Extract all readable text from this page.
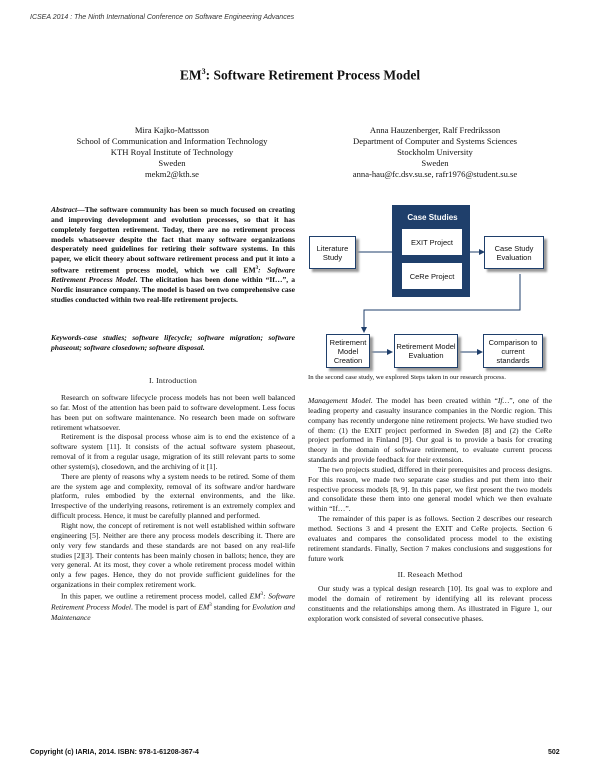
ICSEA 2014 : The Ninth International Conference on Software Engineering Advances
$EM^3$: Software Retirement Process Model
Mira Kajko-Mattsson
School of Communication and Information Technology
KTH Royal Institute of Technology
Sweden
mekm2@kth.se
Anna Hauzenberger, Ralf Fredriksson
Department of Computer and Systems Sciences
Stockholm University
Sweden
anna-hau@fc.dsv.su.se, rafr1976@student.su.se
Abstract—The software community has been so much focused on creating and improving development and evolution processes, so that it has completely forgotten retirement. Today, there are no retirement process models whatsoever despite the fact that many software organizations desperately need guidelines for retiring their software systems. In this paper, we elicit theory about software retirement process and put it into a software retirement process model, which we call $EM^3$: Software Retirement Process Model. The elicitation has been done within “If…”, a Nordic insurance company. The model is based on two comprehensive case studies conducted within two real-life retirement projects.
Keywords-case studies; software lifecycle; software migration; software phaseout; software closedown; software disposal.
I. Introduction

Research on software lifecycle process models has not been well balanced so far. Most of the attention has been paid to software development. Less focus has been put on software maintenance. No research been made on software retirement whatsoever.

Retirement is the disposal process whose aim is to end the existence of a software system [11]. It consists of the actual software system phaseout, removal of it from a regular usage, migration of its still relevant parts to some other system(s), closedown, and the archiving of it [1].

There are plenty of reasons why a system needs to be retired. Some of them are the system age and complexity, removal of its software and/or hardware platform, rules embodied by the external environments, and the like. Irrespective of the underlying reasons, retirement is an extremely complex and difficult process. Hence, it must be carefully planned and performed.

Right now, the concept of retirement is not well established within software engineering [5]. Neither are there any process models describing it. There are only very few standards and these standards are not based on any real-life studies [2][3]. Their contents has been mainly chosen in ballots; hence, they are very general. At its most, they cover a whole retirement process model within only a few pages. Hence, they do not provide sufficient guidelines for the organizations in their complex retirement work.

In this paper, we outline a retirement process model, called $EM^3$: Software Retirement Process Model. The model is part of $EM^3$ standing for Evolution and Maintenance

Case Studies
Literature Study
EXIT Project
CeRe Project
Case Study Evaluation
Retirement Model Creation
Retirement Model Evaluation
Comparison to current standards
In the second case study, we explored Steps taken in our research process.

Management Model. The model has been created within “If…”, one of the leading property and casualty insurance companies in the Nordic region. This company has recently undergone nine retirement projects. We have studied two of them: (1) the EXIT project performed in Sweden [8] and (2) the CeRe project performed in Finland [9]. Our goal is to provide a basis for creating theory in the domain of software retirement, to evaluate current process standards and provide feedback for their extension.

The two projects studied, differed in their prerequisites and process designs. For this reason, we made two separate case studies and put them into their respective process models [8, 9]. In this paper, we first present the two models and consolidate these them into one general model which we then evaluate within “If…”.

The remainder of this paper is as follows. Section 2 describes our research method. Sections 3 and 4 present the EXIT and CeRe projects. Section 6 evaluates and compares the consolidated process model to the existing retirement standards. Finally, Section 7 makes conclusions and suggestions for future work

II. Reseach Method

Our study was a typical design research [10]. Its goal was to explore and model the domain of retirement by identifying all its relevant process constituents and the relationships among them. As illustrated in Figure 1, our exploration work consisted of several consecutive phases.

Copyright (c) IARIA, 2014. ISBN: 978-1-61208-367-4	502
